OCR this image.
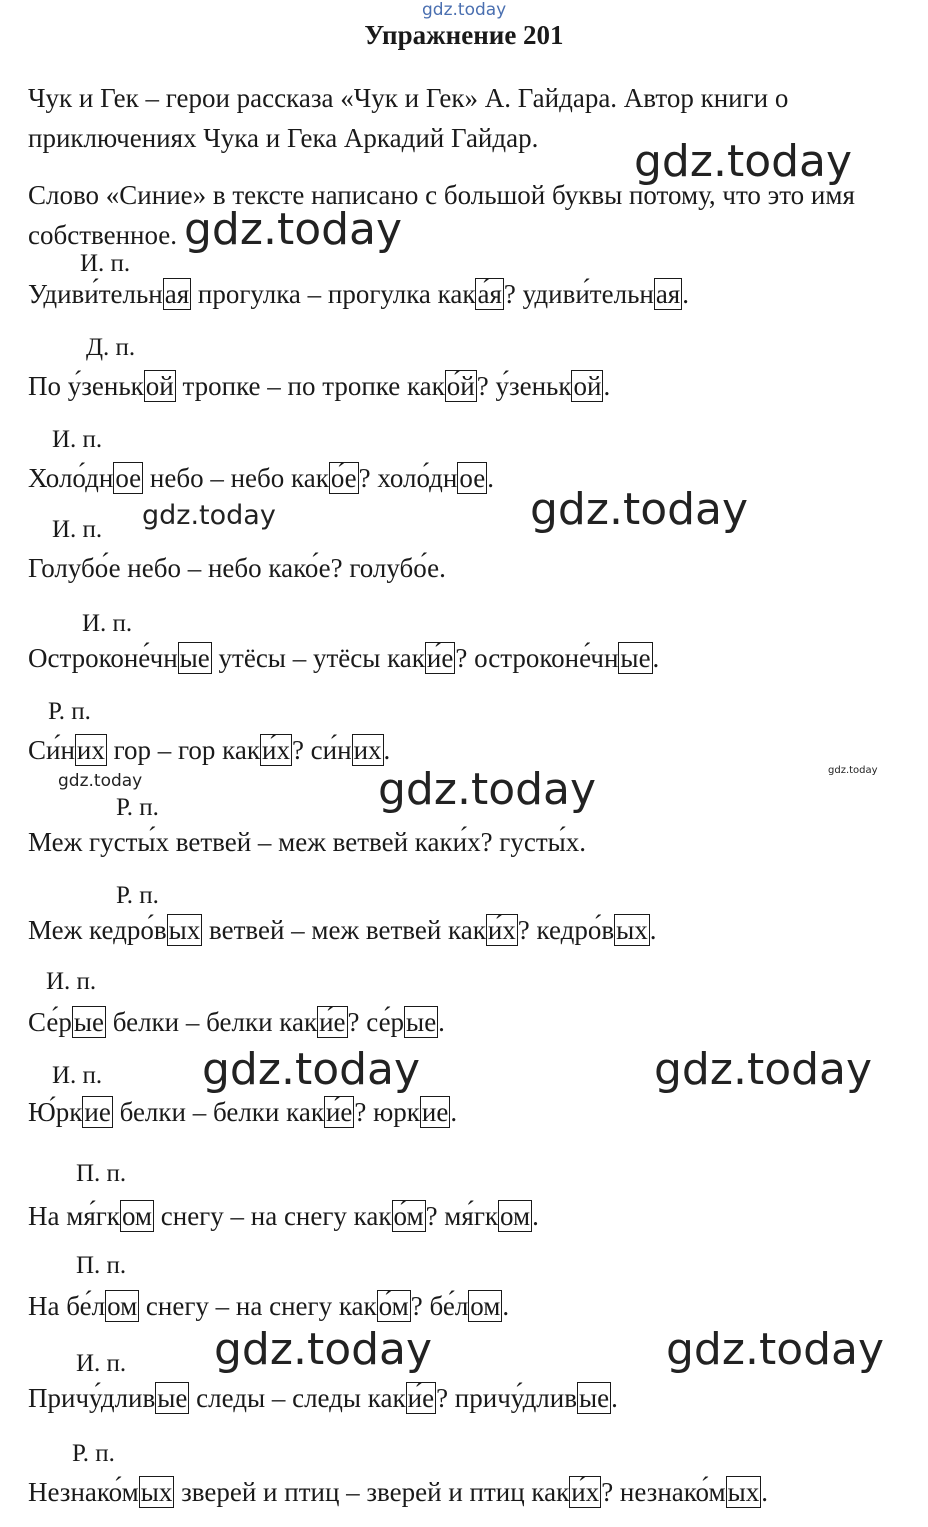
gdz.today
gdz.today
gdz.today
gdz.today	gdz.today
gdz.today	gdz.today	gdz.today
gdz.today	gdz.today
gdz.today	gdz.today
Упражнение 201
Чук и Гек – герои рассказа «Чук и Гек» А. Гайдара. Автор книги о приключениях Чука и Гека Аркадий Гайдар.
Слово «Синие» в тексте написано с большой буквы потому, что это имя собственное.
И. п.
Удиви́тельная прогулка – прогулка кака́я? удиви́тельная.
Д. п.
По у́зенькой тропке – по тропке како́й? у́зенькой.
И. п.
Холо́дное небо – небо како́е? холо́дное.
И. п.
Голубо́е небо – небо како́е? голубо́е.
И. п.
Остроконе́чные утёсы – утёсы каки́е? остроконе́чные.
Р. п.
Си́них гор – гор каки́х? си́них.
Р. п.
Меж густы́х ветвей – меж ветвей каки́х? густы́х.
Р. п.
Меж кедро́вых ветвей – меж ветвей каки́х? кедро́вых.
И. п.
Се́рые белки – белки каки́е? се́рые.
И. п.
Ю́ркие белки – белки каки́е? юркие.
П. п.
На мя́гком снегу – на снегу како́м? мя́гком.
П. п.
На бе́лом снегу – на снегу како́м? бе́лом.
И. п.
Причу́дливые следы – следы каки́е? причу́дливые.
Р. п.
Незнако́мых зверей и птиц – зверей и птиц каки́х? незнако́мых.
